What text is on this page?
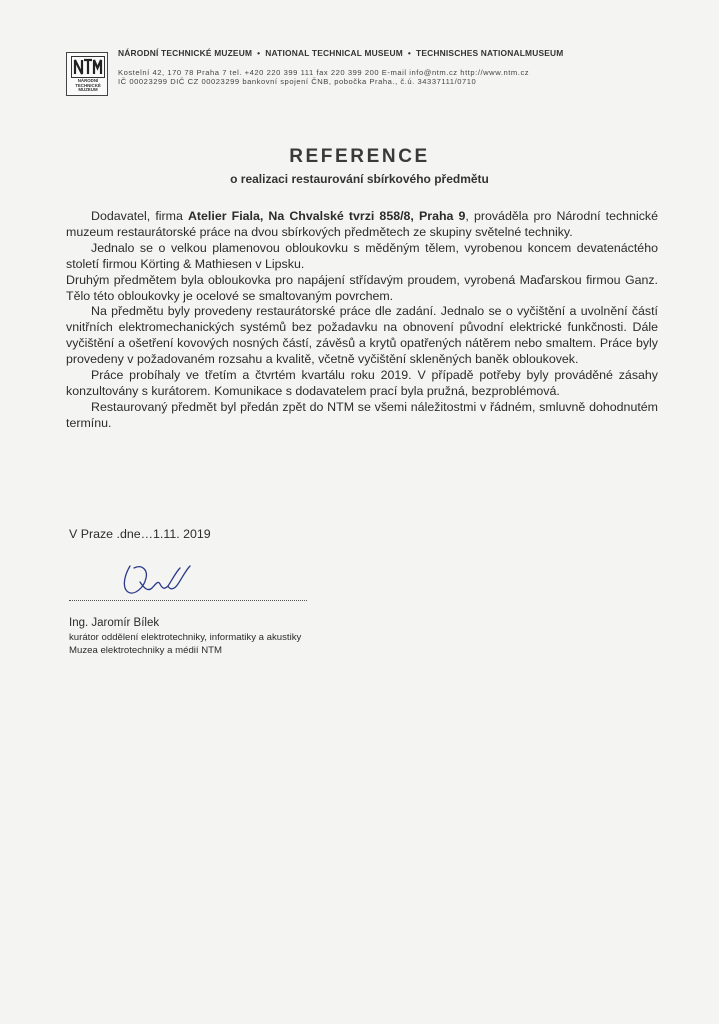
NÁRODNÍ
TECHNICKÉ
MUZEUM
NÁRODNÍ TECHNICKÉ MUZEUM • NATIONAL TECHNICAL MUSEUM • TECHNISCHES NATIONALMUSEUM
Kostelní 42, 170 78 Praha 7 tel. +420 220 399 111 fax 220 399 200 E-mail info@ntm.cz http://www.ntm.cz
IČ 00023299 DIČ CZ 00023299 bankovní spojení ČNB, pobočka Praha., č.ú. 34337111/0710
REFERENCE
o realizaci restaurování sbírkového předmětu

Dodavatel, firma Atelier Fiala, Na Chvalské tvrzi 858/8, Praha 9, prováděla pro Národní technické muzeum restaurátorské práce na dvou sbírkových předmětech ze skupiny světelné techniky.

Jednalo se o velkou plamenovou obloukovku s měděným tělem, vyrobenou koncem devatenáctého století firmou Körting & Mathiesen v Lipsku.

Druhým předmětem byla obloukovka pro napájení střídavým proudem, vyrobená Maďarskou firmou Ganz. Tělo této obloukovky je ocelové se smaltovaným povrchem.

Na předmětu byly provedeny restaurátorské práce dle zadání. Jednalo se o vyčištění a uvolnění částí vnitřních elektromechanických systémů bez požadavku na obnovení původní elektrické funkčnosti. Dále vyčištění a ošetření kovových nosných částí, závěsů a krytů opatřených nátěrem nebo smaltem. Práce byly provedeny v požadovaném rozsahu a kvalitě, včetně vyčištění skleněných baněk obloukovek.

Práce probíhaly ve třetím a čtvrtém kvartálu roku 2019. V případě potřeby byly prováděné zásahy konzultovány s kurátorem. Komunikace s dodavatelem prací byla pružná, bezproblémová.

Restaurovaný předmět byl předán zpět do NTM se všemi náležitostmi v řádném, smluvně dohodnutém termínu.

V Praze .dne…1.11. 2019
Ing. Jaromír Bílek
kurátor oddělení elektrotechniky, informatiky a akustiky
Muzea elektrotechniky a médií NTM
